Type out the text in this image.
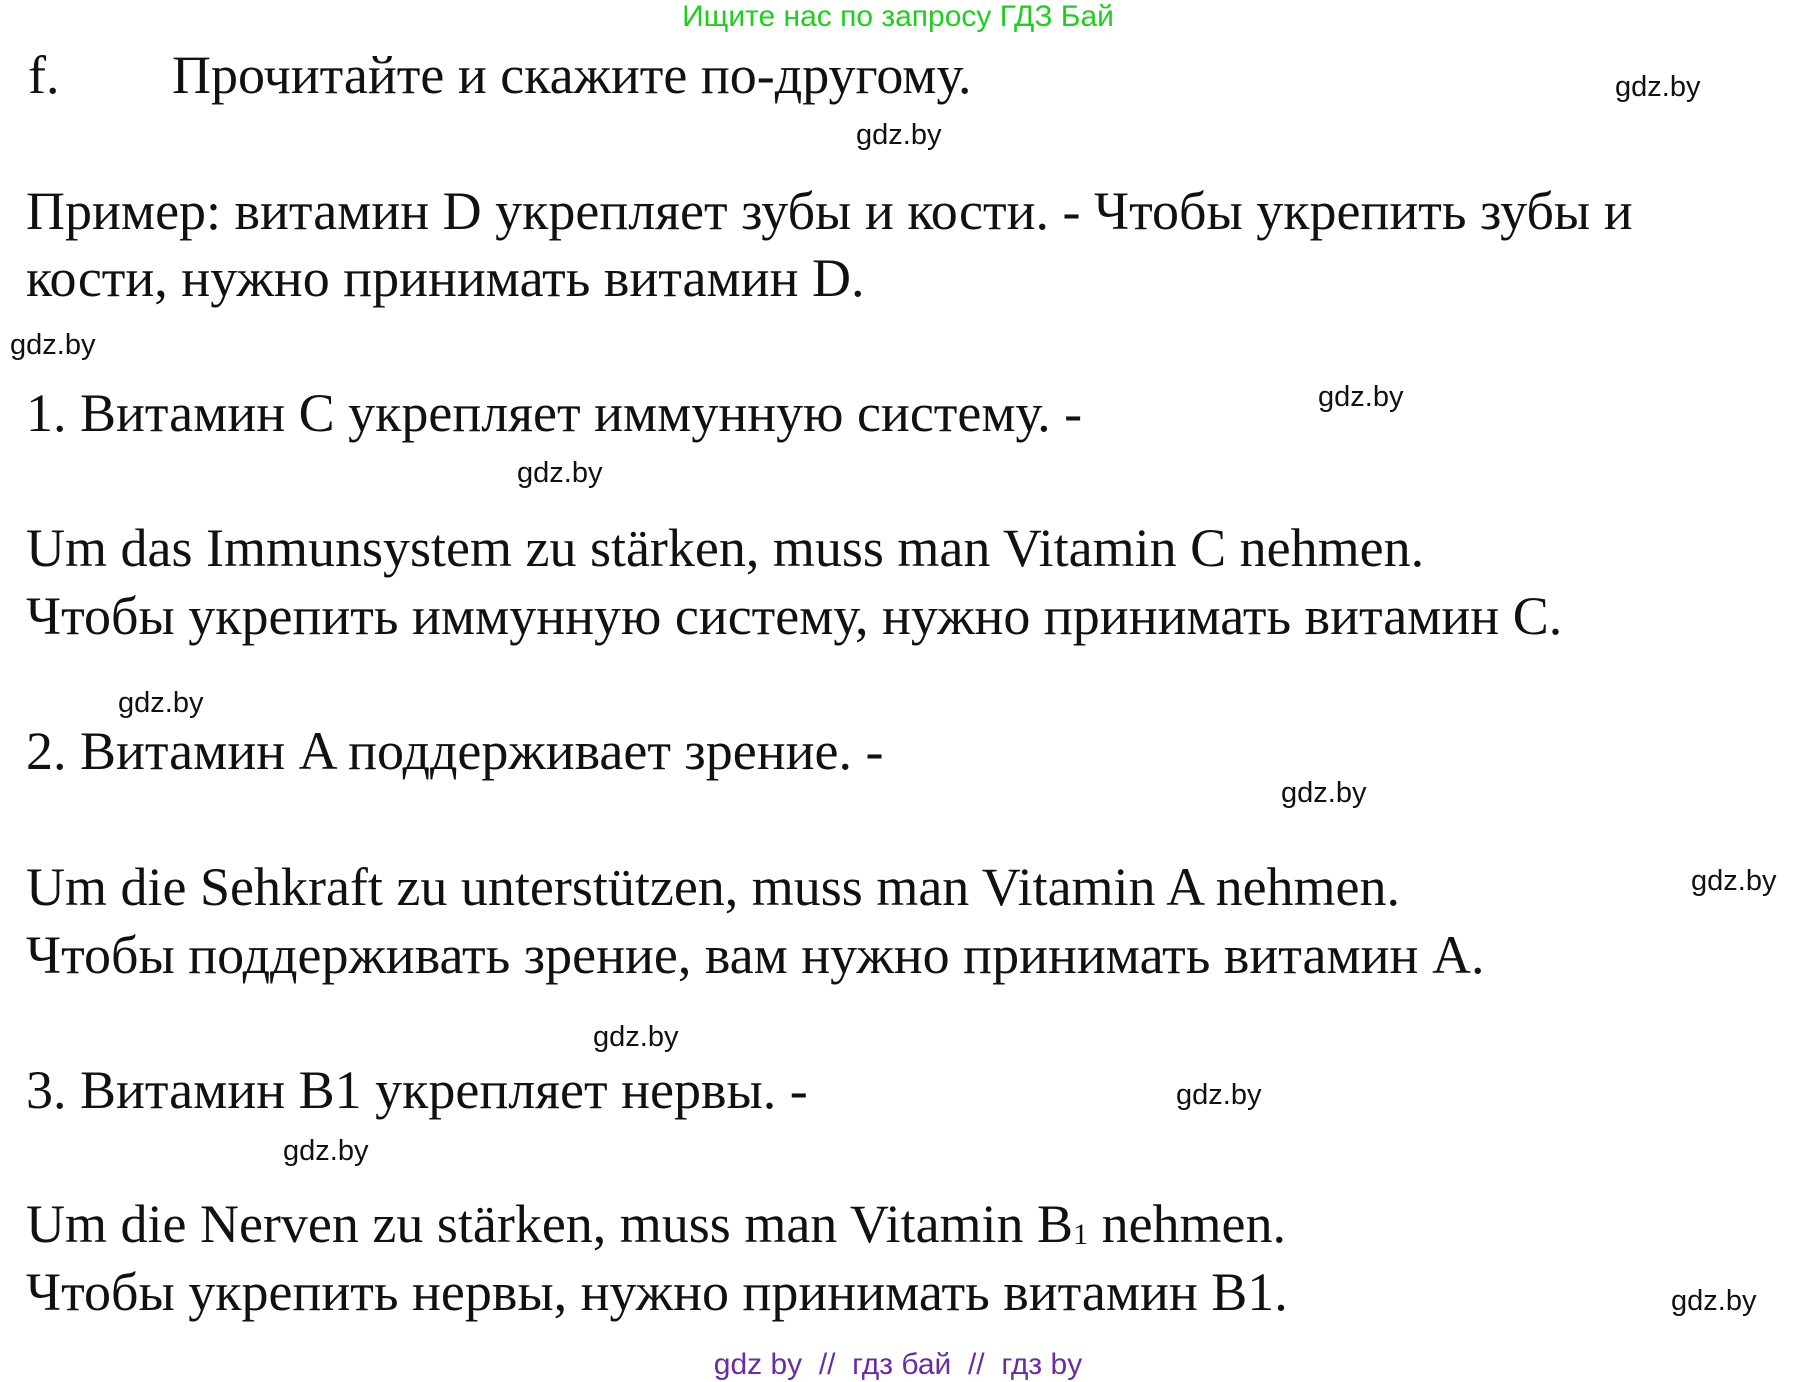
Ищите нас по запросу ГДЗ Бай
f. Прочитайте и скажите по-другому.
Пример: витамин D укрепляет зубы и кости. - Чтобы укрепить зубы и
кости, нужно принимать витамин D.
1. Витамин C укрепляет иммунную систему. -
Um das Immunsystem zu stärken, muss man Vitamin C nehmen.
Чтобы укрепить иммунную систему, нужно принимать витамин C.
2. Витамин A поддерживает зрение. -
Um die Sehkraft zu unterstützen, muss man Vitamin A nehmen.
Чтобы поддерживать зрение, вам нужно принимать витамин A.
3. Витамин B1 укрепляет нервы. -
Um die Nerven zu stärken, muss man Vitamin $B_1$ nehmen.
Чтобы укрепить нервы, нужно принимать витамин B1.
gdz.by
gdz.by
gdz.by
gdz.by
gdz.by
gdz.by
gdz.by
gdz.by
gdz.by
gdz.by
gdz.by
gdz.by
gdz by  //  гдз бай  //  гдз by
